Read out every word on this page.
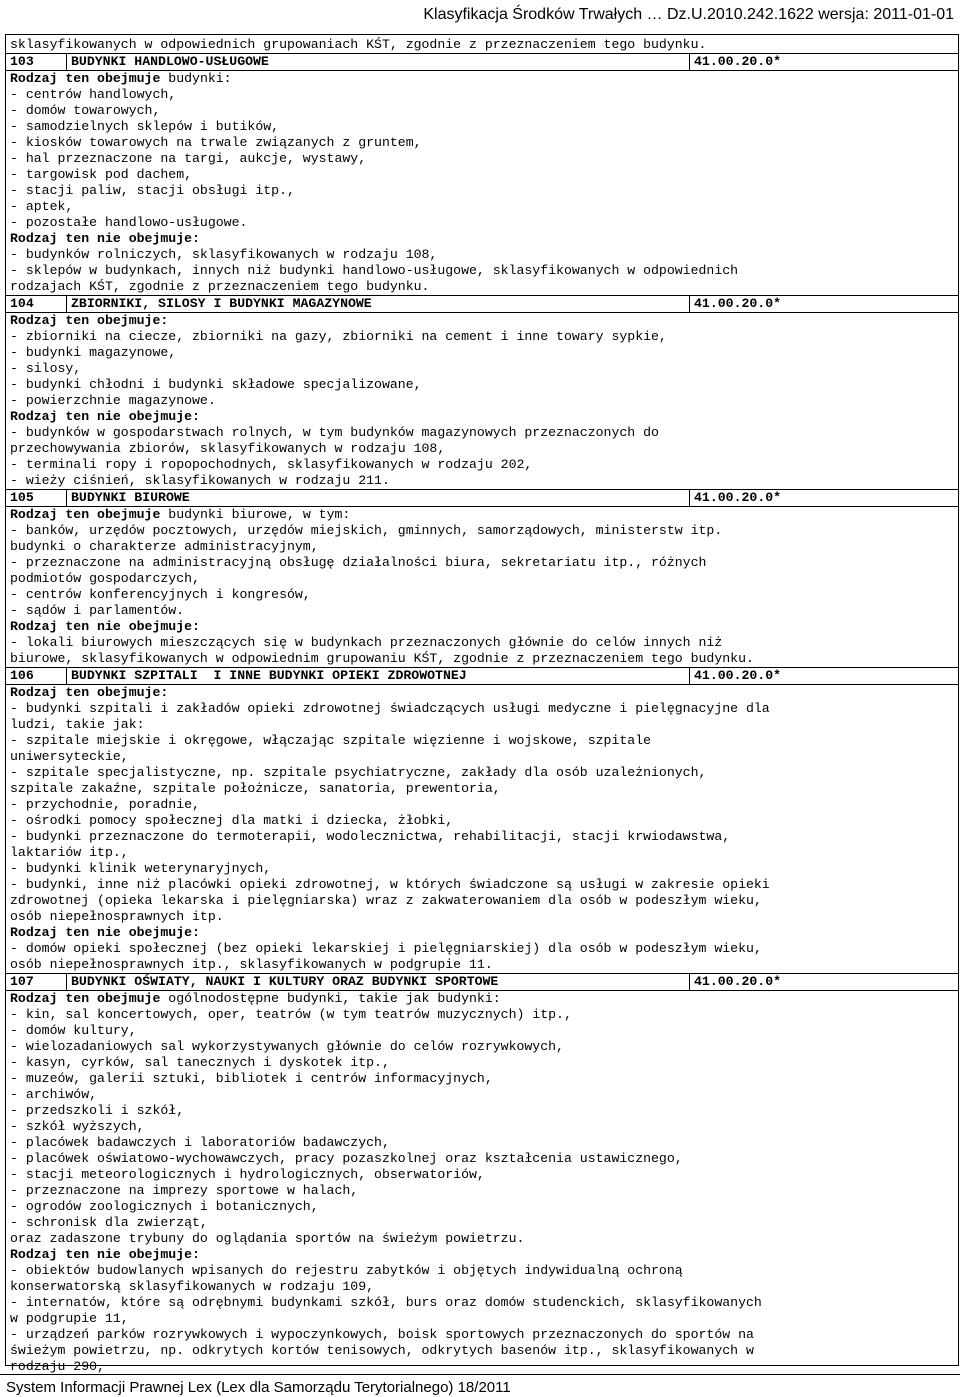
Klasyfikacja Środków Trwałych … Dz.U.2010.242.1622 wersja: 2011-01-01
sklasyfikowanych w odpowiednich grupowaniach KŚT, zgodnie z przeznaczeniem tego budynku.
103	BUDYNKI HANDLOWO-USŁUGOWE	41.00.20.0*
Rodzaj ten obejmuje budynki:
- centrów handlowych,
- domów towarowych,
- samodzielnych sklepów i butików,
- kiosków towarowych na trwale związanych z gruntem,
- hal przeznaczone na targi, aukcje, wystawy,
- targowisk pod dachem,
- stacji paliw, stacji obsługi itp.,
- aptek,
- pozostałe handlowo-usługowe.
Rodzaj ten nie obejmuje:
- budynków rolniczych, sklasyfikowanych w rodzaju 108,
- sklepów w budynkach, innych niż budynki handlowo-usługowe, sklasyfikowanych w odpowiednich
rodzajach KŚT, zgodnie z przeznaczeniem tego budynku.
104	ZBIORNIKI, SILOSY I BUDYNKI MAGAZYNOWE	41.00.20.0*
Rodzaj ten obejmuje:
- zbiorniki na ciecze, zbiorniki na gazy, zbiorniki na cement i inne towary sypkie,
- budynki magazynowe,
- silosy,
- budynki chłodni i budynki składowe specjalizowane,
- powierzchnie magazynowe.
Rodzaj ten nie obejmuje:
- budynków w gospodarstwach rolnych, w tym budynków magazynowych przeznaczonych do
przechowywania zbiorów, sklasyfikowanych w rodzaju 108,
- terminali ropy i ropopochodnych, sklasyfikowanych w rodzaju 202,
- wieży ciśnień, sklasyfikowanych w rodzaju 211.
105	BUDYNKI BIUROWE	41.00.20.0*
Rodzaj ten obejmuje budynki biurowe, w tym:
- banków, urzędów pocztowych, urzędów miejskich, gminnych, samorządowych, ministerstw itp.
budynki o charakterze administracyjnym,
- przeznaczone na administracyjną obsługę działalności biura, sekretariatu itp., różnych
podmiotów gospodarczych,
- centrów konferencyjnych i kongresów,
- sądów i parlamentów.
Rodzaj ten nie obejmuje:
- lokali biurowych mieszczących się w budynkach przeznaczonych głównie do celów innych niż
biurowe, sklasyfikowanych w odpowiednim grupowaniu KŚT, zgodnie z przeznaczeniem tego budynku.
106	BUDYNKI SZPITALI  I INNE BUDYNKI OPIEKI ZDROWOTNEJ	41.00.20.0*
Rodzaj ten obejmuje:
- budynki szpitali i zakładów opieki zdrowotnej świadczących usługi medyczne i pielęgnacyjne dla
ludzi, takie jak:
- szpitale miejskie i okręgowe, włączając szpitale więzienne i wojskowe, szpitale
uniwersyteckie,
- szpitale specjalistyczne, np. szpitale psychiatryczne, zakłady dla osób uzależnionych,
szpitale zakaźne, szpitale położnicze, sanatoria, prewentoria,
- przychodnie, poradnie,
- ośrodki pomocy społecznej dla matki i dziecka, żłobki,
- budynki przeznaczone do termoterapii, wodolecznictwa, rehabilitacji, stacji krwiodawstwa,
laktariów itp.,
- budynki klinik weterynaryjnych,
- budynki, inne niż placówki opieki zdrowotnej, w których świadczone są usługi w zakresie opieki
zdrowotnej (opieka lekarska i pielęgniarska) wraz z zakwaterowaniem dla osób w podeszłym wieku,
osób niepełnosprawnych itp.
Rodzaj ten nie obejmuje:
- domów opieki społecznej (bez opieki lekarskiej i pielęgniarskiej) dla osób w podeszłym wieku,
osób niepełnosprawnych itp., sklasyfikowanych w podgrupie 11.
107	BUDYNKI OŚWIATY, NAUKI I KULTURY ORAZ BUDYNKI SPORTOWE	41.00.20.0*
Rodzaj ten obejmuje ogólnodostępne budynki, takie jak budynki:
- kin, sal koncertowych, oper, teatrów (w tym teatrów muzycznych) itp.,
- domów kultury,
- wielozadaniowych sal wykorzystywanych głównie do celów rozrywkowych,
- kasyn, cyrków, sal tanecznych i dyskotek itp.,
- muzeów, galerii sztuki, bibliotek i centrów informacyjnych,
- archiwów,
- przedszkoli i szkół,
- szkół wyższych,
- placówek badawczych i laboratoriów badawczych,
- placówek oświatowo-wychowawczych, pracy pozaszkolnej oraz kształcenia ustawicznego,
- stacji meteorologicznych i hydrologicznych, obserwatoriów,
- przeznaczone na imprezy sportowe w halach,
- ogrodów zoologicznych i botanicznych,
- schronisk dla zwierząt,
oraz zadaszone trybuny do oglądania sportów na świeżym powietrzu.
Rodzaj ten nie obejmuje:
- obiektów budowlanych wpisanych do rejestru zabytków i objętych indywidualną ochroną
konserwatorską sklasyfikowanych w rodzaju 109,
- internatów, które są odrębnymi budynkami szkół, burs oraz domów studenckich, sklasyfikowanych
w podgrupie 11,
- urządzeń parków rozrywkowych i wypoczynkowych, boisk sportowych przeznaczonych do sportów na
świeżym powietrzu, np. odkrytych kortów tenisowych, odkrytych basenów itp., sklasyfikowanych w
rodzaju 290,
System Informacji Prawnej Lex (Lex dla Samorządu Terytorialnego) 18/2011
